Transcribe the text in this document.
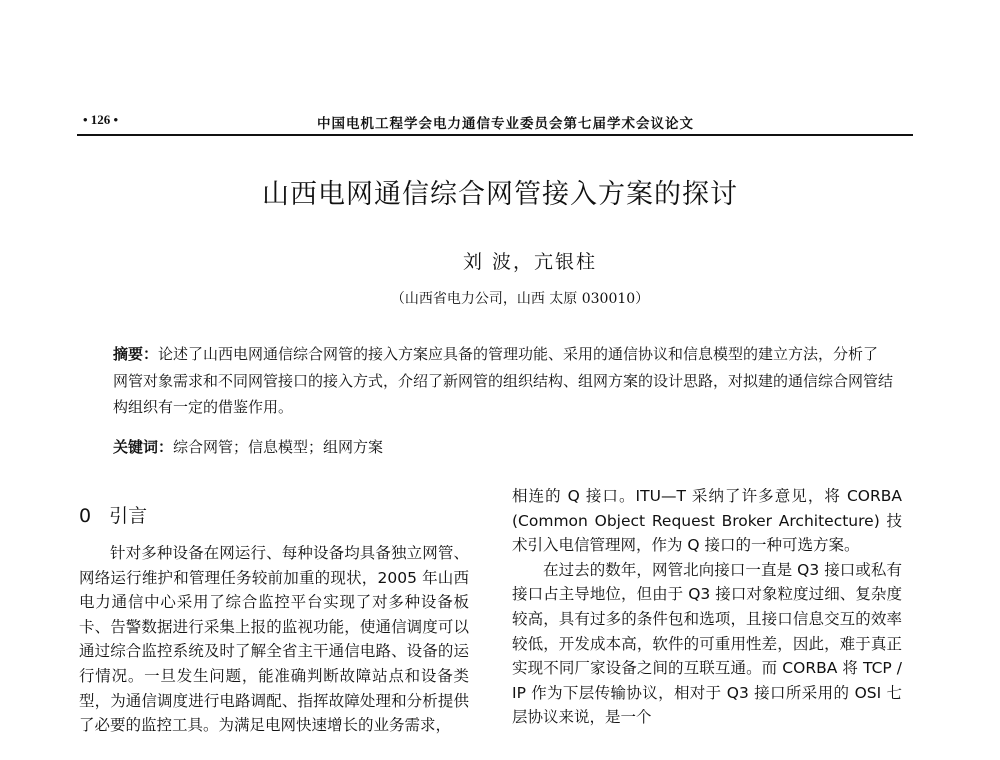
• 126 •	中国电机工程学会电力通信专业委员会第七届学术会议论文
山西电网通信综合网管接入方案的探讨
刘 波，亢银柱
（山西省电力公司，山西 太原 030010）
摘要：论述了山西电网通信综合网管的接入方案应具备的管理功能、采用的通信协议和信息模型的建立方法，分析了网管对象需求和不同网管接口的接入方式，介绍了新网管的组织结构、组网方案的设计思路，对拟建的通信综合网管结构组织有一定的借鉴作用。
关键词：综合网管；信息模型；组网方案
0 引言

针对多种设备在网运行、每种设备均具备独立网管、网络运行维护和管理任务较前加重的现状，2005 年山西电力通信中心采用了综合监控平台实现了对多种设备板卡、告警数据进行采集上报的监视功能，使通信调度可以通过综合监控系统及时了解全省主干通信电路、设备的运行情况。一旦发生问题，能准确判断故障站点和设备类型，为通信调度进行电路调配、指挥故障处理和分析提供了必要的监控工具。为满足电网快速增长的业务需求，

相连的 Q 接口。ITU—T 采纳了许多意见，将 CORBA (Common Object Request Broker Architecture) 技术引入电信管理网，作为 Q 接口的一种可选方案。

在过去的数年，网管北向接口一直是 Q3 接口或私有接口占主导地位，但由于 Q3 接口对象粒度过细、复杂度较高，具有过多的条件包和选项，且接口信息交互的效率较低，开发成本高，软件的可重用性差，因此，难于真正实现不同厂家设备之间的互联互通。而 CORBA 将 TCP / IP 作为下层传输协议，相对于 Q3 接口所采用的 OSI 七层协议来说，是一个
